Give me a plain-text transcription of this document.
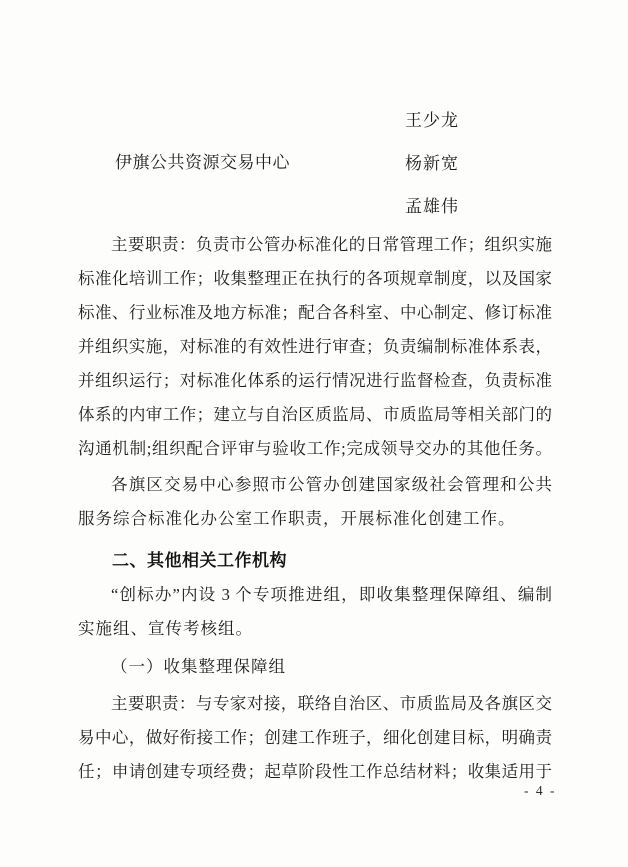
伊旗公共资源交易中心
王少龙
杨新宽
孟雄伟
主要职责：负责市公管办标准化的日常管理工作；组织实施
标准化培训工作；收集整理正在执行的各项规章制度，以及国家
标准、行业标准及地方标准；配合各科室、中心制定、修订标准
并组织实施，对标准的有效性进行审查；负责编制标准体系表，
并组织运行；对标准化体系的运行情况进行监督检查，负责标准
体系的内审工作；建立与自治区质监局、市质监局等相关部门的
沟通机制;组织配合评审与验收工作;完成领导交办的其他任务。
各旗区交易中心参照市公管办创建国家级社会管理和公共
服务综合标准化办公室工作职责，开展标准化创建工作。
二、其他相关工作机构
“创标办”内设 3 个专项推进组，即收集整理保障组、编制
实施组、宣传考核组。
（一）收集整理保障组
主要职责：与专家对接，联络自治区、市质监局及各旗区交
易中心，做好衔接工作；创建工作班子，细化创建目标，明确责
任；申请创建专项经费；起草阶段性工作总结材料；收集适用于
- 4 -
